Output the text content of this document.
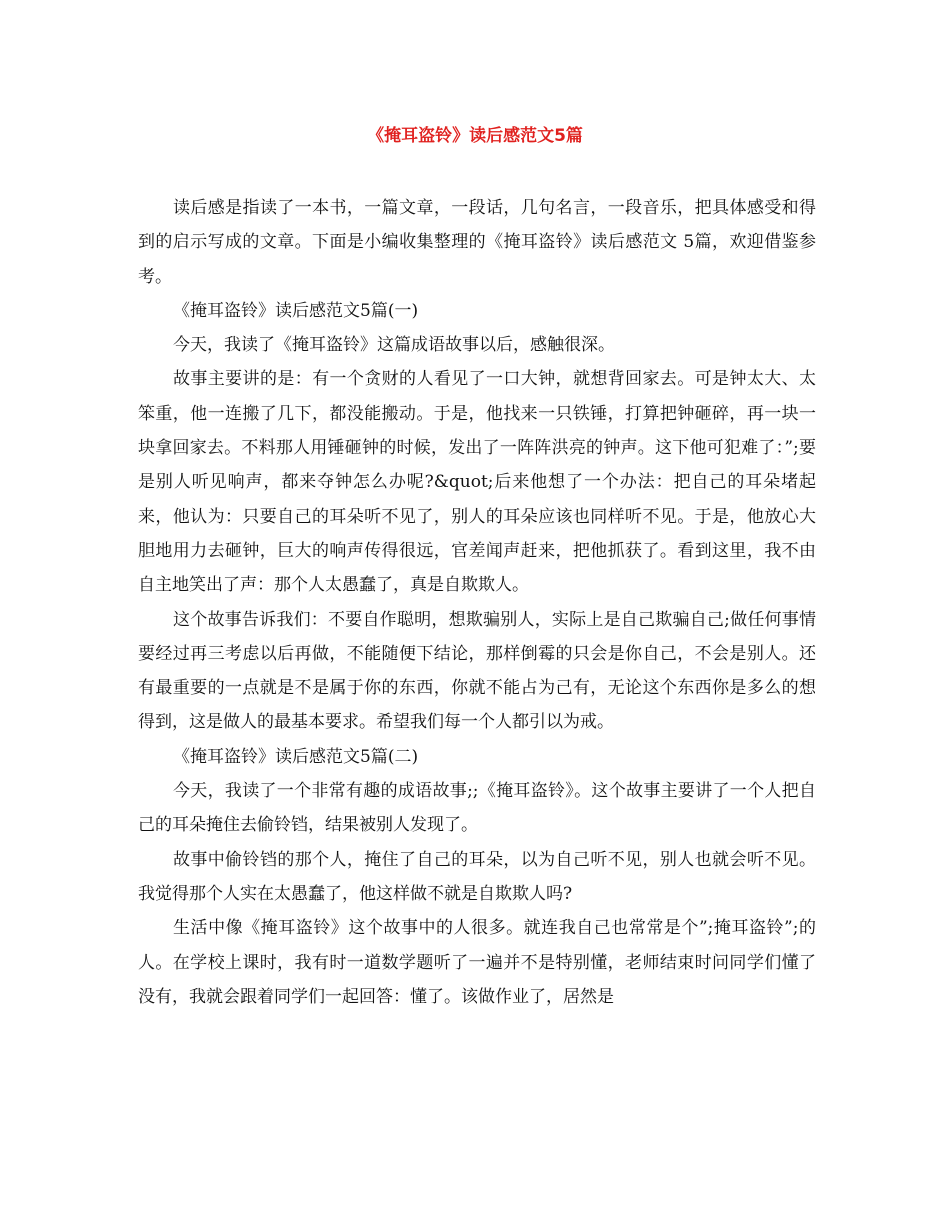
《掩耳盗铃》读后感范文5篇

读后感是指读了一本书，一篇文章，一段话，几句名言，一段音乐，把具体感受和得到的启示写成的文章。下面是小编收集整理的《掩耳盗铃》读后感范文 5篇，欢迎借鉴参考。

《掩耳盗铃》读后感范文5篇(一)

今天，我读了《掩耳盗铃》这篇成语故事以后，感触很深。

故事主要讲的是：有一个贪财的人看见了一口大钟，就想背回家去。可是钟太大、太笨重，他一连搬了几下，都没能搬动。于是，他找来一只铁锤，打算把钟砸碎，再一块一块拿回家去。不料那人用锤砸钟的时候，发出了一阵阵洪亮的钟声。这下他可犯难了：”;要是别人听见响声，都来夺钟怎么办呢?&quot;后来他想了一个办法：把自己的耳朵堵起来，他认为：只要自己的耳朵听不见了，别人的耳朵应该也同样听不见。于是，他放心大胆地用力去砸钟，巨大的响声传得很远，官差闻声赶来，把他抓获了。看到这里，我不由自主地笑出了声：那个人太愚蠢了，真是自欺欺人。

这个故事告诉我们：不要自作聪明，想欺骗别人，实际上是自己欺骗自己;做任何事情要经过再三考虑以后再做，不能随便下结论，那样倒霉的只会是你自己，不会是别人。还有最重要的一点就是不是属于你的东西，你就不能占为己有，无论这个东西你是多么的想得到，这是做人的最基本要求。希望我们每一个人都引以为戒。

《掩耳盗铃》读后感范文5篇(二)

今天，我读了一个非常有趣的成语故事;;《掩耳盗铃》。这个故事主要讲了一个人把自己的耳朵掩住去偷铃铛，结果被别人发现了。

故事中偷铃铛的那个人，掩住了自己的耳朵，以为自己听不见，别人也就会听不见。我觉得那个人实在太愚蠢了，他这样做不就是自欺欺人吗?

生活中像《掩耳盗铃》这个故事中的人很多。就连我自己也常常是个”;掩耳盗铃”;的人。在学校上课时，我有时一道数学题听了一遍并不是特别懂，老师结束时问同学们懂了没有，我就会跟着同学们一起回答：懂了。该做作业了，居然是
